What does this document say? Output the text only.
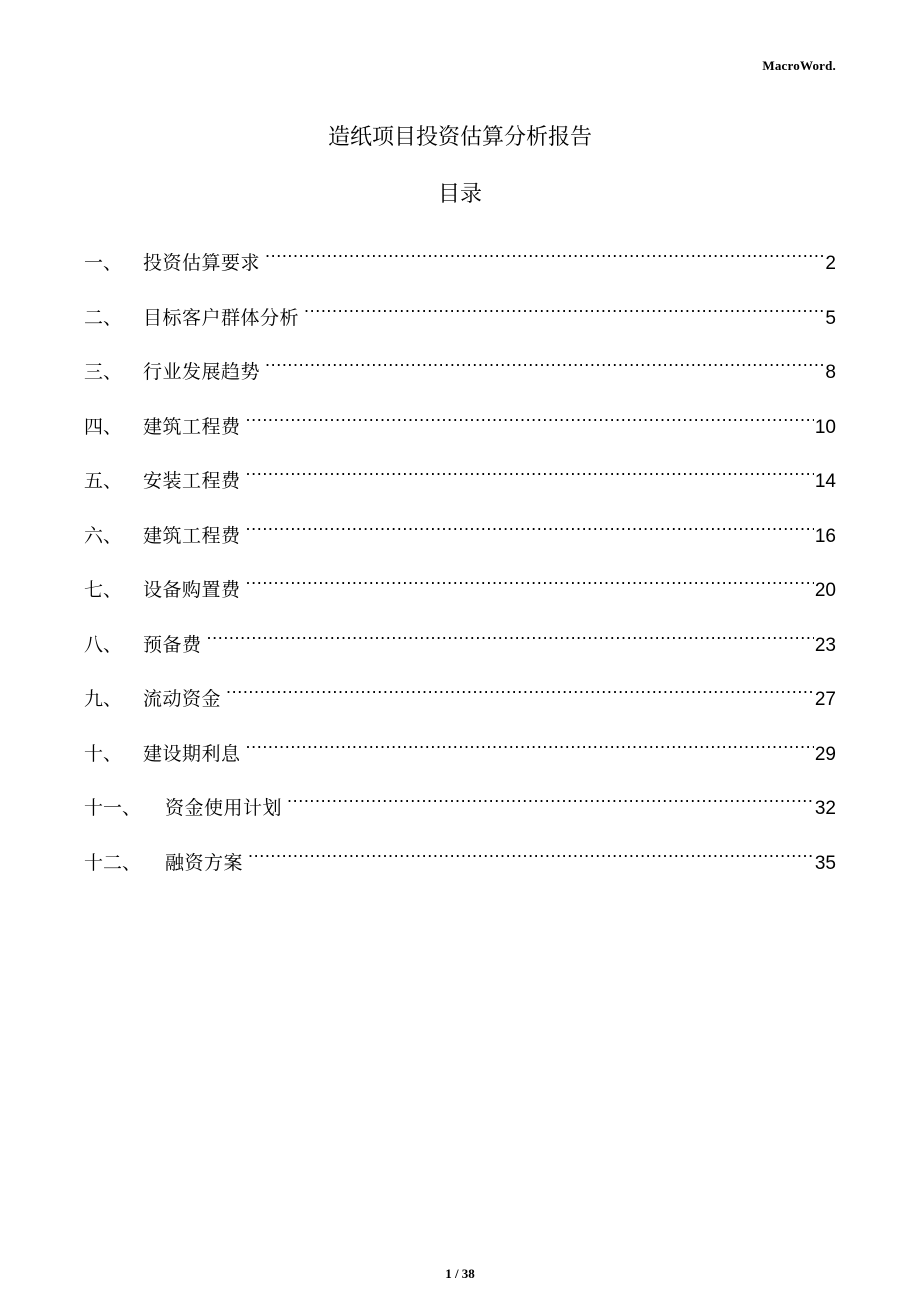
MacroWord.
造纸项目投资估算分析报告
目录
一、	投资估算要求 .....	2
二、	目标客户群体分析 .....	5
三、	行业发展趋势 .....	8
四、	建筑工程费 .....	10
五、	安装工程费 .....	14
六、	建筑工程费 .....	16
七、	设备购置费 .....	20
八、	预备费 .....	23
九、	流动资金 .....	27
十、	建设期利息 .....	29
十一、	资金使用计划 .....	32
十二、	融资方案 .....	35
1 / 38
